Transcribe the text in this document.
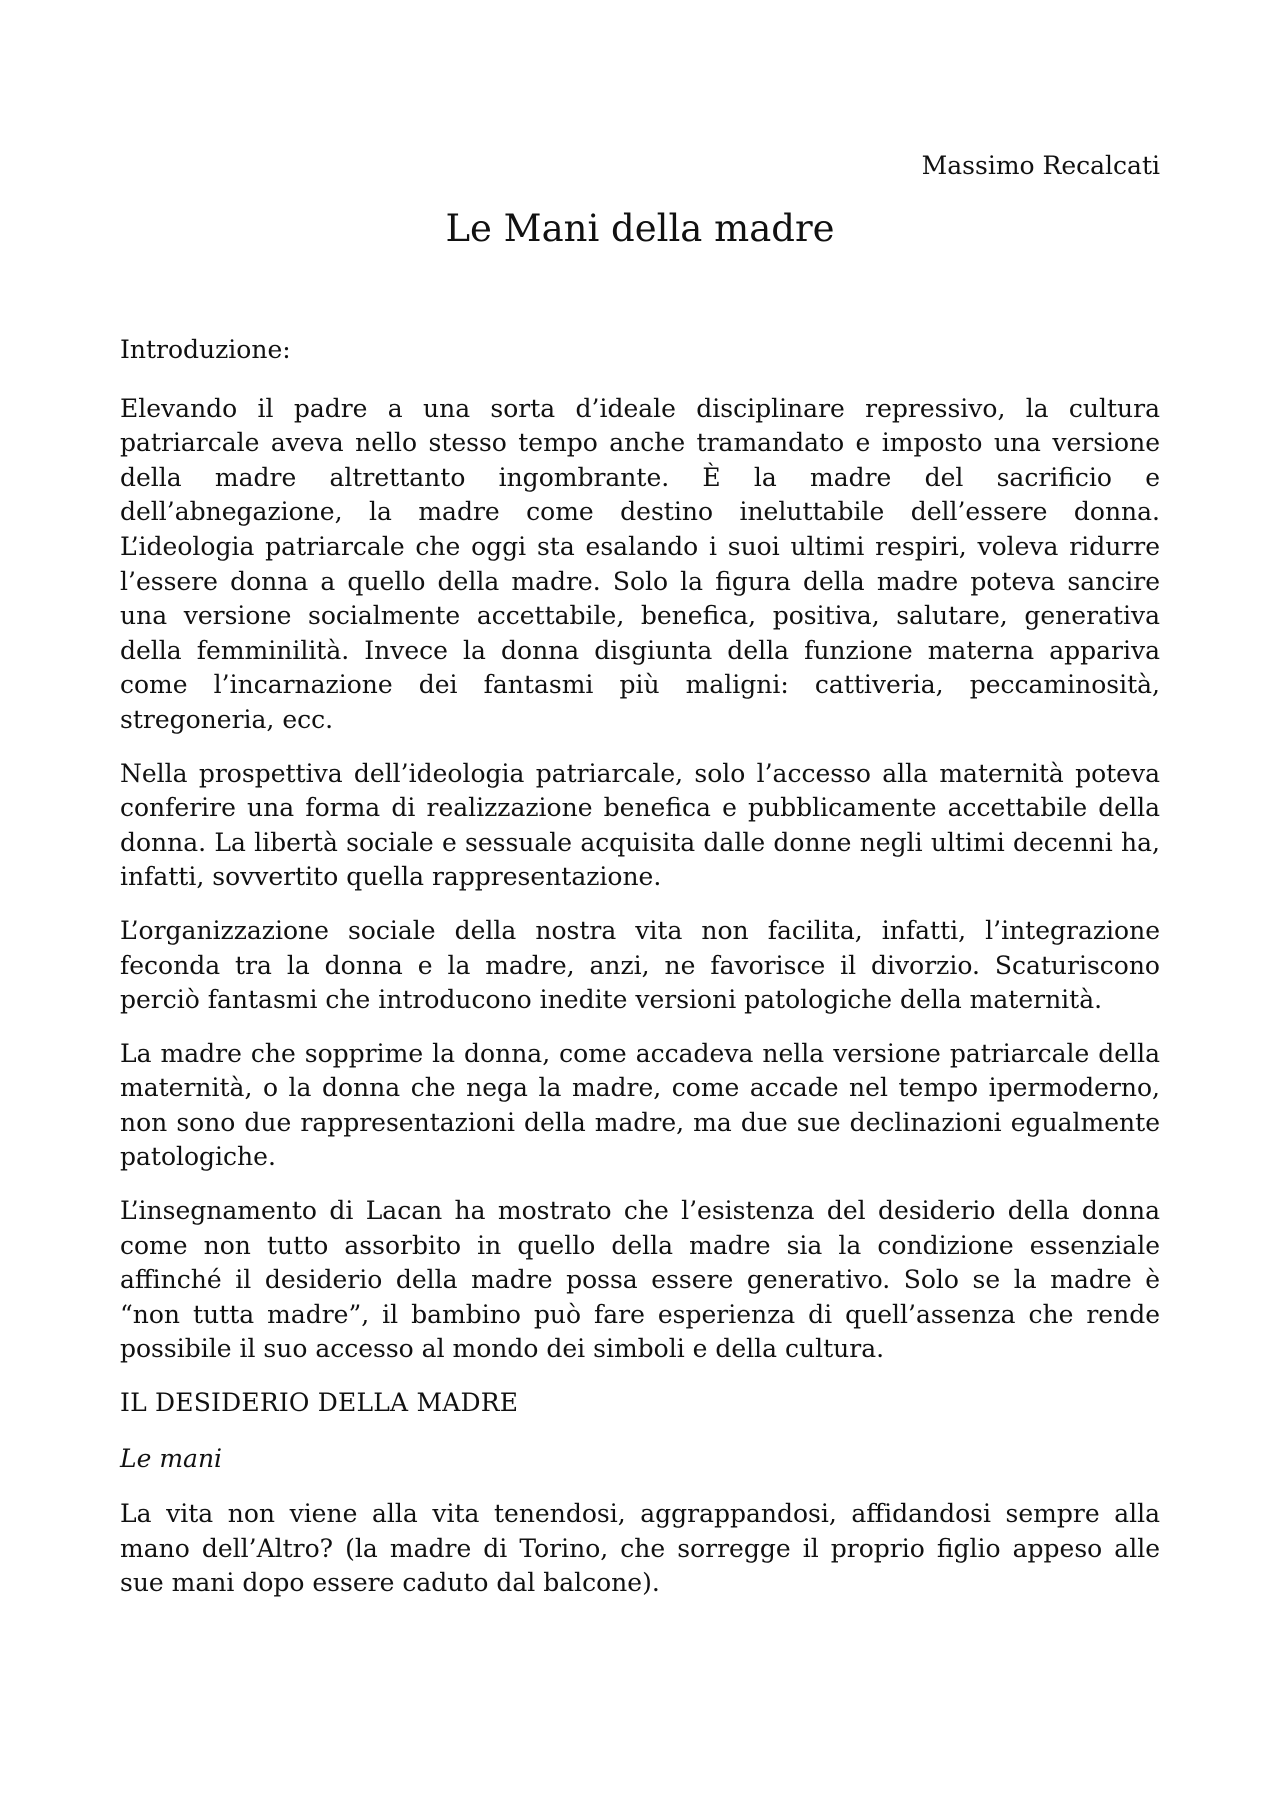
Massimo Recalcati

Le Mani della madre

Introduzione:

Elevando il padre a una sorta d’ideale disciplinare repressivo, la cultura patriarcale aveva nello stesso tempo anche tramandato e imposto una versione della madre altrettanto ingombrante. È la madre del sacrificio e dell’abnegazione, la madre come destino ineluttabile dell’essere donna. L’ideologia patriarcale che oggi sta esalando i suoi ultimi respiri, voleva ridurre l’essere donna a quello della madre. Solo la figura della madre poteva sancire una versione socialmente accettabile, benefica, positiva, salutare, generativa della femminilità. Invece la donna disgiunta della funzione materna appariva come l’incarnazione dei fantasmi più maligni: cattiveria, peccaminosità, stregoneria, ecc.

Nella prospettiva dell’ideologia patriarcale, solo l’accesso alla maternità poteva conferire una forma di realizzazione benefica e pubblicamente accettabile della donna. La libertà sociale e sessuale acquisita dalle donne negli ultimi decenni ha, infatti, sovvertito quella rappresentazione.

L’organizzazione sociale della nostra vita non facilita, infatti, l’integrazione feconda tra la donna e la madre, anzi, ne favorisce il divorzio. Scaturiscono perciò fantasmi che introducono inedite versioni patologiche della maternità.

La madre che sopprime la donna, come accadeva nella versione patriarcale della maternità, o la donna che nega la madre, come accade nel tempo ipermoderno, non sono due rappresentazioni della madre, ma due sue declinazioni egualmente patologiche.

L’insegnamento di Lacan ha mostrato che l’esistenza del desiderio della donna come non tutto assorbito in quello della madre sia la condizione essenziale affinché il desiderio della madre possa essere generativo. Solo se la madre è “non tutta madre”, il bambino può fare esperienza di quell’assenza che rende possibile il suo accesso al mondo dei simboli e della cultura.

IL DESIDERIO DELLA MADRE

Le mani

La vita non viene alla vita tenendosi, aggrappandosi, affidandosi sempre alla mano dell’Altro? (la madre di Torino, che sorregge il proprio figlio appeso alle sue mani dopo essere caduto dal balcone).
